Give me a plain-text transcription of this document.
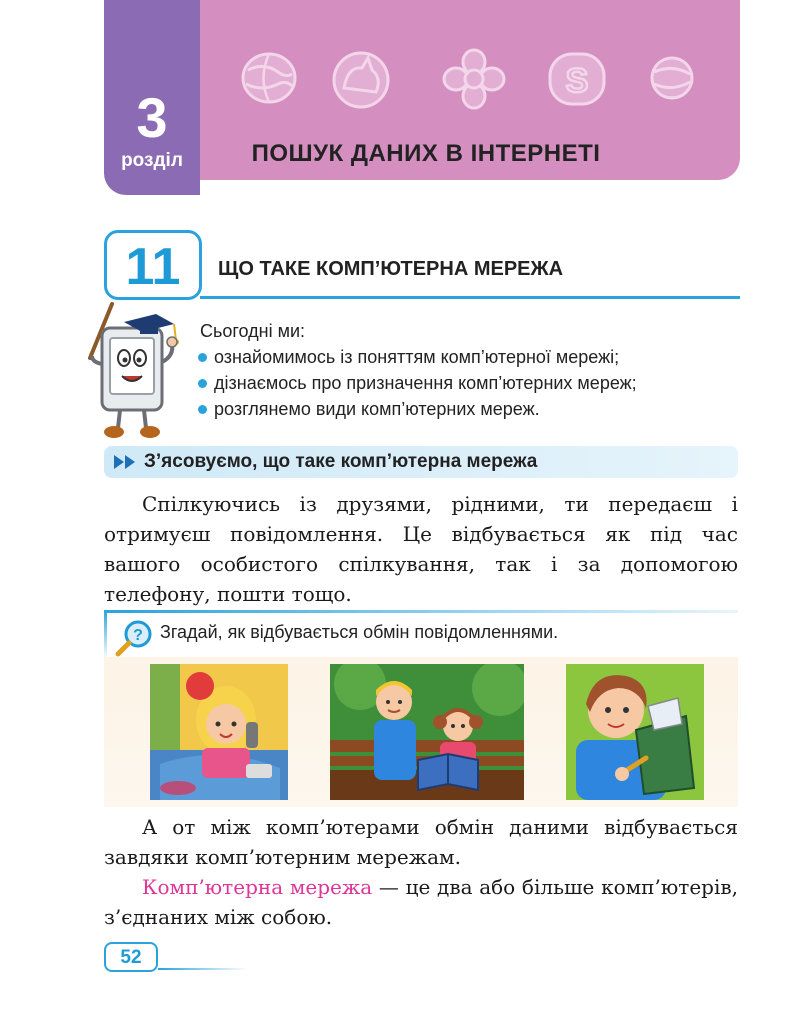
S
3
розділ	ПОШУК ДАНИХ В ІНТЕРНЕТІ
11	ЩО ТАКЕ КОМП’ЮТЕРНА МЕРЕЖА
Сьогодні ми:
ознайомимось із поняттям комп’ютерної мережі;
дізнаємось про призначення комп’ютерних мереж;
розглянемо види комп’ютерних мереж.
З’ясовуємо, що таке комп’ютерна мережа

Спілкуючись із друзями, рідними, ти передаєш і отримуєш повідомлення. Це відбувається як під час вашого особистого спілкування, так і за допомогою телефону, пошти тощо.

? Згадай, як відбувається обмін повідомленнями.

А от між комп’ютерами обмін даними відбувається завдяки комп’ютерним мережам.

Комп’ютерна мережа — це два або більше комп’ютерів, з’єднаних між собою.

52
